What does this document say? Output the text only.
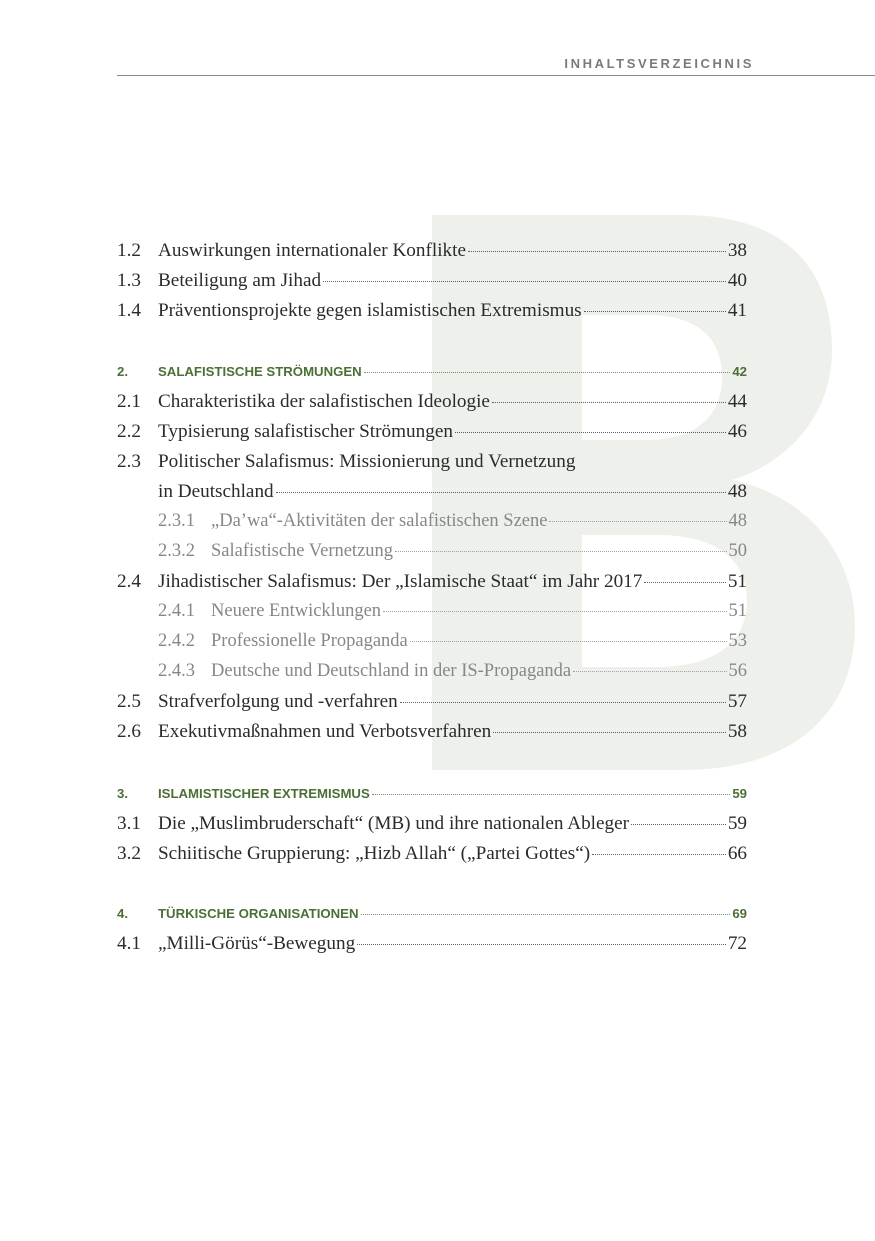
INHALTSVERZEICHNIS
1.2 Auswirkungen internationaler Konflikte	38
1.3 Beteiligung am Jihad	40
1.4 Präventionsprojekte gegen islamistischen Extremismus	41
2.	SALAFISTISCHE STRÖMUNGEN	42
2.1 Charakteristika der salafistischen Ideologie	44
2.2 Typisierung salafistischer Strömungen	46
2.3 Politischer Salafismus: Missionierung und Vernetzung
in Deutschland	48
2.3.1 „Da’wa“-Aktivitäten der salafistischen Szene	48
2.3.2 Salafistische Vernetzung	50
2.4 Jihadistischer Salafismus: Der „Islamische Staat“ im Jahr 2017	51
2.4.1 Neuere Entwicklungen	51
2.4.2 Professionelle Propaganda	53
2.4.3 Deutsche und Deutschland in der IS-Propaganda	56
2.5 Strafverfolgung und -verfahren	57
2.6 Exekutivmaßnahmen und Verbotsverfahren	58
3.	ISLAMISTISCHER EXTREMISMUS	59
3.1 Die „Muslimbruderschaft“ (MB) und ihre nationalen Ableger	59
3.2 Schiitische Gruppierung: „Hizb Allah“ („Partei Gottes“)	66
4.	TÜRKISCHE ORGANISATIONEN	69
4.1 „Milli-Görüs“-Bewegung	72
